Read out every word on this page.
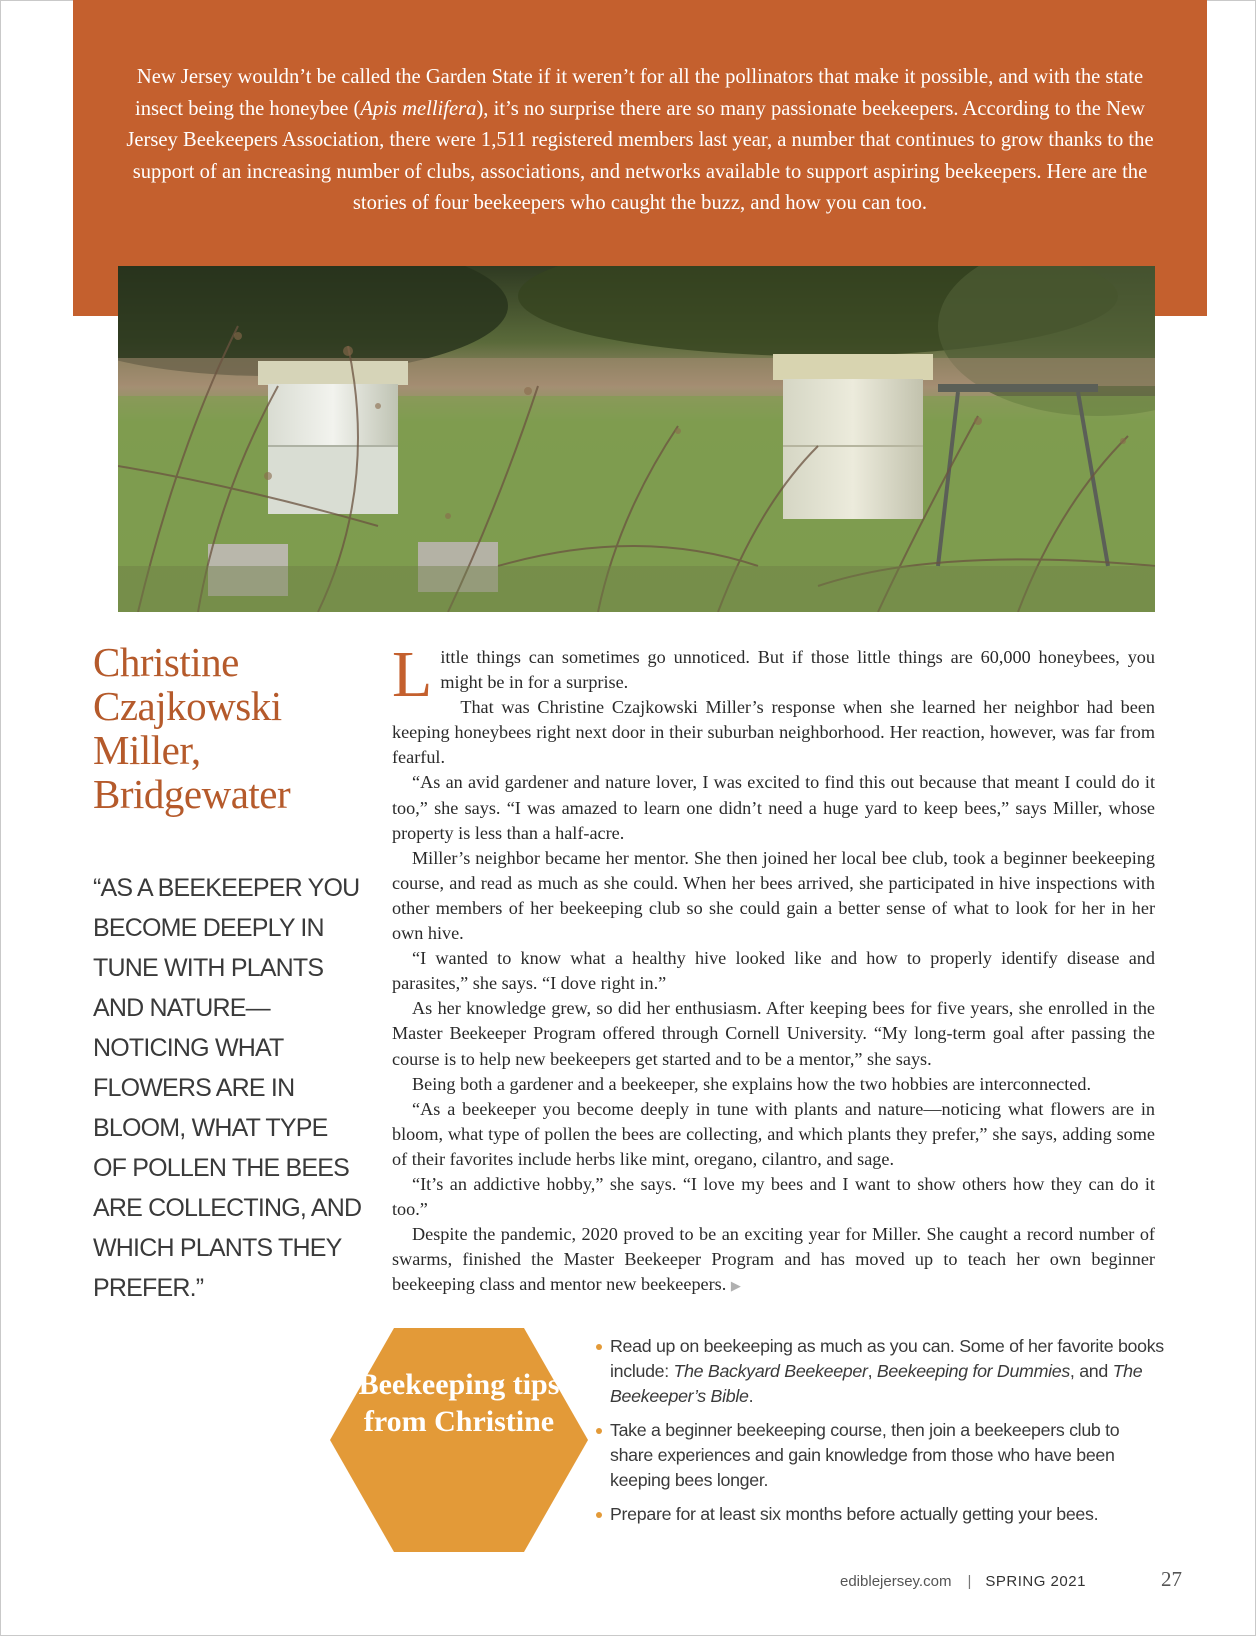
New Jersey wouldn’t be called the Garden State if it weren’t for all the pollinators that make it possible, and with the state insect being the honeybee (Apis mellifera), it’s no surprise there are so many passionate beekeepers. According to the New Jersey Beekeepers Association, there were 1,511 registered members last year, a number that continues to grow thanks to the support of an increasing number of clubs, associations, and networks available to support aspiring beekeepers. Here are the stories of four beekeepers who caught the buzz, and how you can too.

Christine Czajkowski Miller, Bridgewater

“AS A BEEKEEPER YOU BECOME DEEPLY IN TUNE WITH PLANTS AND NATURE—NOTICING WHAT FLOWERS ARE IN BLOOM, WHAT TYPE OF POLLEN THE BEES ARE COLLECTING, AND WHICH PLANTS THEY PREFER.”

Little things can sometimes go unnoticed. But if those little things are 60,000 honeybees, you might be in for a surprise.

That was Christine Czajkowski Miller’s response when she learned her neighbor had been keeping honeybees right next door in their suburban neighborhood. Her reaction, however, was far from fearful.

“As an avid gardener and nature lover, I was excited to find this out because that meant I could do it too,” she says. “I was amazed to learn one didn’t need a huge yard to keep bees,” says Miller, whose property is less than a half-acre.

Miller’s neighbor became her mentor. She then joined her local bee club, took a beginner beekeeping course, and read as much as she could. When her bees arrived, she participated in hive inspections with other members of her beekeeping club so she could gain a better sense of what to look for her in her own hive.

“I wanted to know what a healthy hive looked like and how to properly identify disease and parasites,” she says. “I dove right in.”

As her knowledge grew, so did her enthusiasm. After keeping bees for five years, she enrolled in the Master Beekeeper Program offered through Cornell University. “My long-term goal after passing the course is to help new beekeepers get started and to be a mentor,” she says.

Being both a gardener and a beekeeper, she explains how the two hobbies are interconnected.

“As a beekeeper you become deeply in tune with plants and nature—noticing what flowers are in bloom, what type of pollen the bees are collecting, and which plants they prefer,” she says, adding some of their favorites include herbs like mint, oregano, cilantro, and sage.

“It’s an addictive hobby,” she says. “I love my bees and I want to show others how they can do it too.”

Despite the pandemic, 2020 proved to be an exciting year for Miller. She caught a record number of swarms, finished the Master Beekeeper Program and has moved up to teach her own beginner beekeeping class and mentor new beekeepers. ▶

Beekeeping tips from Christine
Read up on beekeeping as much as you can. Some of her favorite books include: The Backyard Beekeeper, Beekeeping for Dummies, and The Beekeeper’s Bible.
Take a beginner beekeeping course, then join a beekeepers club to share experiences and gain knowledge from those who have been keeping bees longer.
Prepare for at least six months before actually getting your bees.
ediblejersey.com | SPRING 2021	27
